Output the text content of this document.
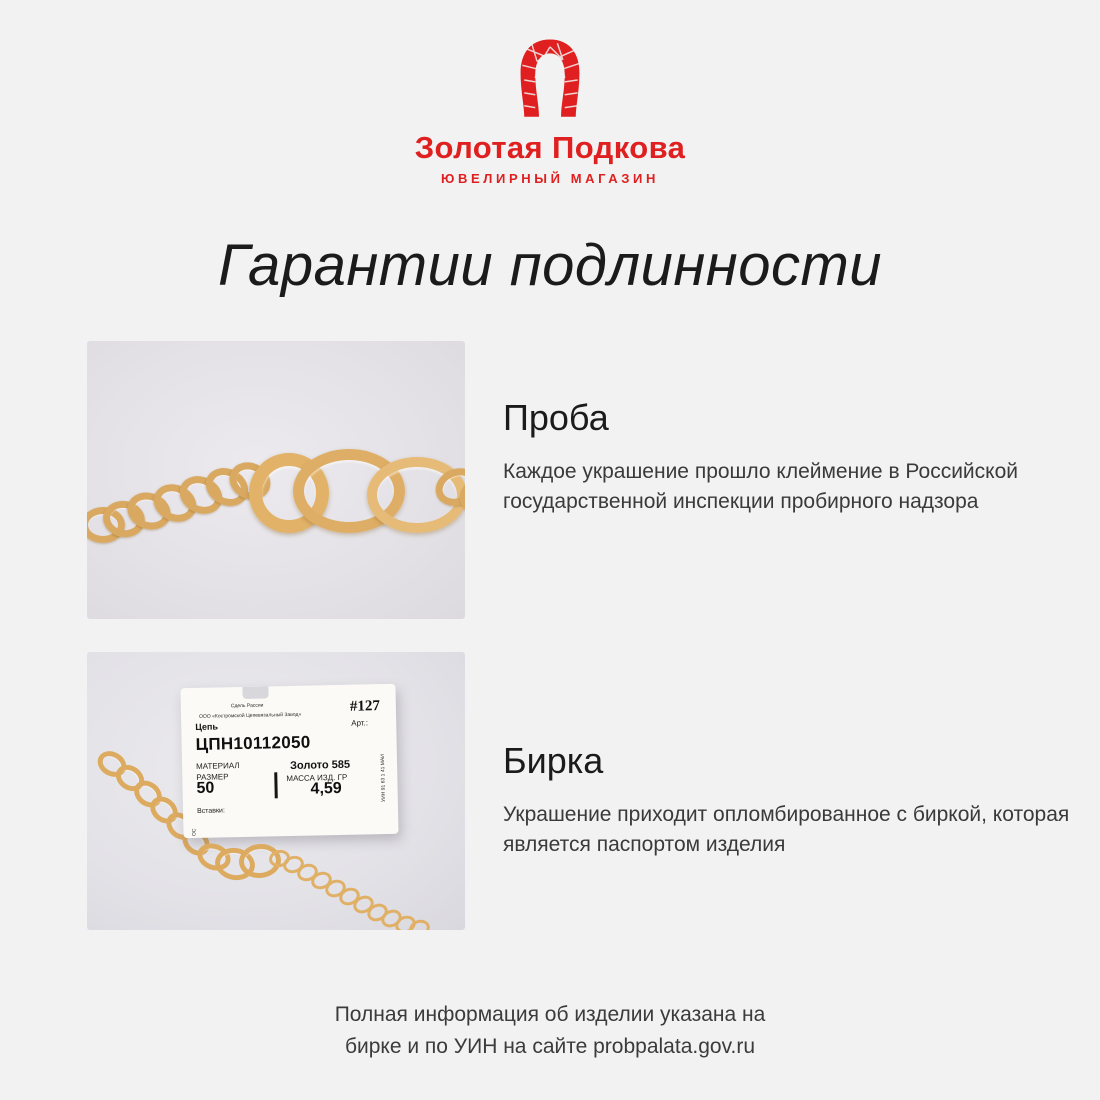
Золотая Подкова
ЮВЕЛИРНЫЙ МАГАЗИН
Гарантии подлинности
Проба

Каждое украшение прошло клеймение в Российской государственной инспекции пробирного надзора

#127
Сдель Рассии
ООО «Костромской Цепевязальный Завод»
Цепь	Арт.:
ЦПН10112050
МАТЕРИАЛ
РАЗМЕР
50
Вставки:
Золото 585
МАССА ИЗД. ГР
4,59	УИН 91 63 1 41 МАИ
ОС
Бирка

Украшение приходит опломбированное с биркой, которая является паспортом изделия

Полная информация об изделии указана на
бирке и по УИН на сайте probpalata.gov.ru
